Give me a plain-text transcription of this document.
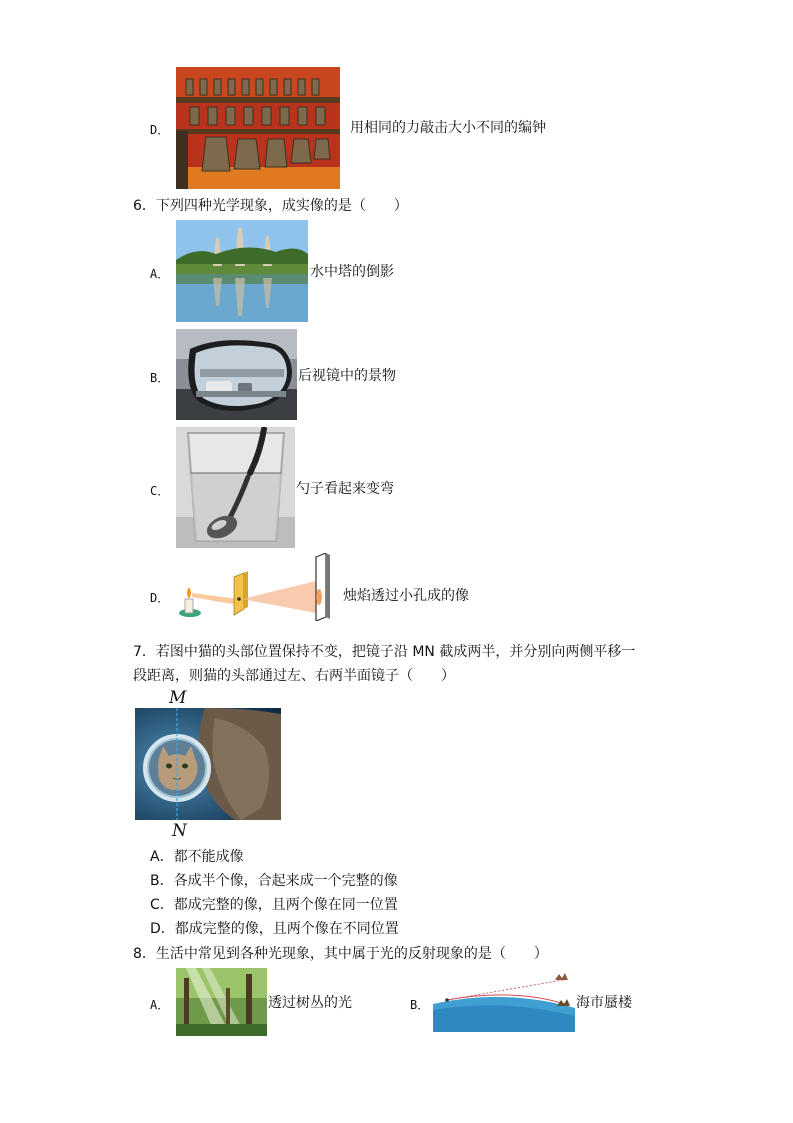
D．	用相同的力敲击大小不同的编钟
6．下列四种光学现象，成实像的是（　　）
A．	水中塔的倒影
B．	后视镜中的景物
C．	勺子看起来变弯
D．	烛焰透过小孔成的像
7．若图中猫的头部位置保持不变，把镜子沿 MN 截成两半，并分别向两侧平移一
段距离，则猫的头部通过左、右两半面镜子（　　）
M
N
A．都不能成像
B．各成半个像，合起来成一个完整的像
C．都成完整的像，且两个像在同一位置
D．都成完整的像，且两个像在不同位置
8．生活中常见到各种光现象，其中属于光的反射现象的是（　　）
A．	透过树丛的光	B．	海市蜃楼
